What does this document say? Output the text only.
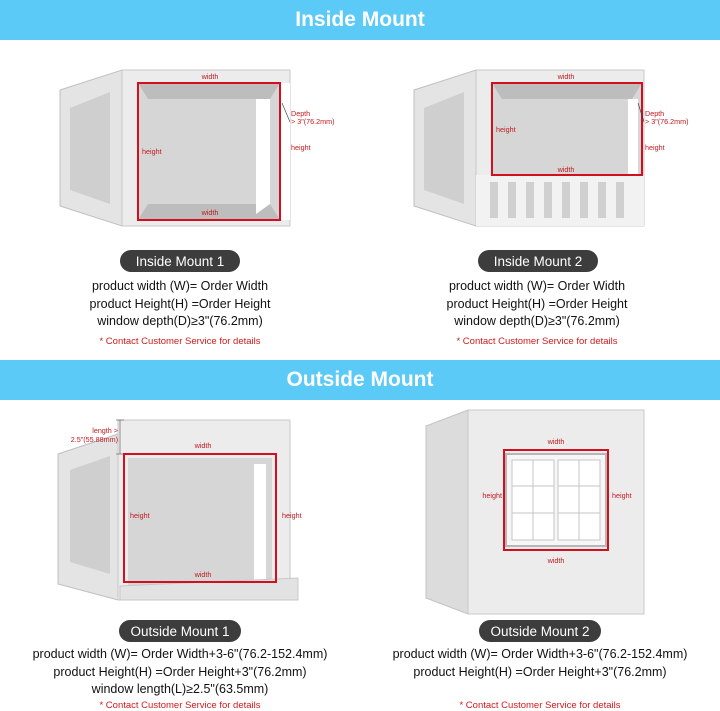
Inside Mount
width
width
height	height
Depth
> 3"(76.2mm)
Inside Mount 1
product width (W)= Order Width
product Height(H) =Order Height
window depth(D)≥3"(76.2mm)
* Contact Customer Service for details
width
width
height
height
Depth
> 3"(76.2mm)
Inside Mount 2
product width (W)= Order Width
product Height(H) =Order Height
window depth(D)≥3"(76.2mm)
* Contact Customer Service for details
Outside Mount
width
width
height	height
length >
2.5"(55.88mm)
Outside Mount 1
product width (W)= Order Width+3-6"(76.2-152.4mm)
product Height(H) =Order Height+3"(76.2mm)
window length(L)≥2.5"(63.5mm)
* Contact Customer Service for details
width
width
height	height
Outside Mount 2
product width (W)= Order Width+3-6"(76.2-152.4mm)
product Height(H) =Order Height+3"(76.2mm)
* Contact Customer Service for details
